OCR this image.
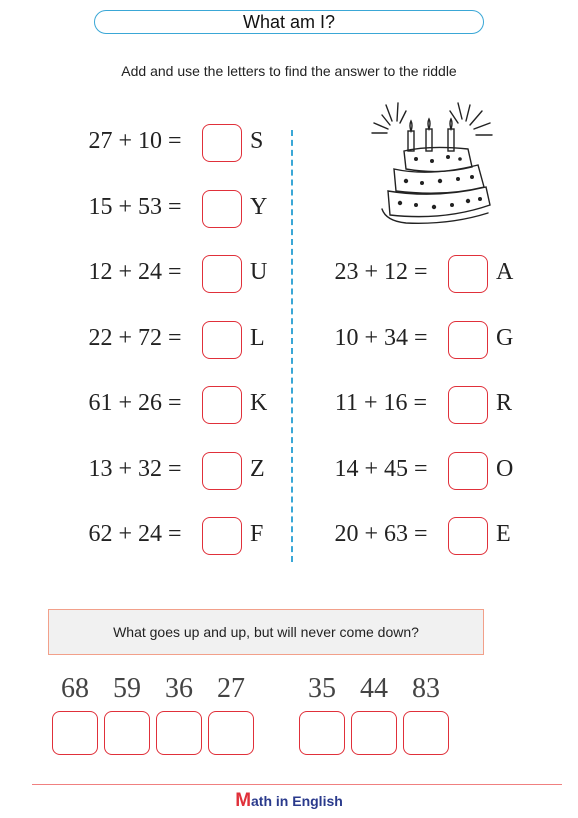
What am I?
Add and use the letters to find the answer to the riddle
27 + 10 =	S
15 + 53 =	Y
12 + 24 =	U
22 + 72 =	L
61 + 26 =	K
13 + 32 =	Z
62 + 24 =	F
23 + 12 =	A
10 + 34 =	G
11 + 16 =	R
14 + 45 =	O
20 + 63 =	E
What goes up and up, but will never come down?
68 59 36 27	35 44 83
Math in English
